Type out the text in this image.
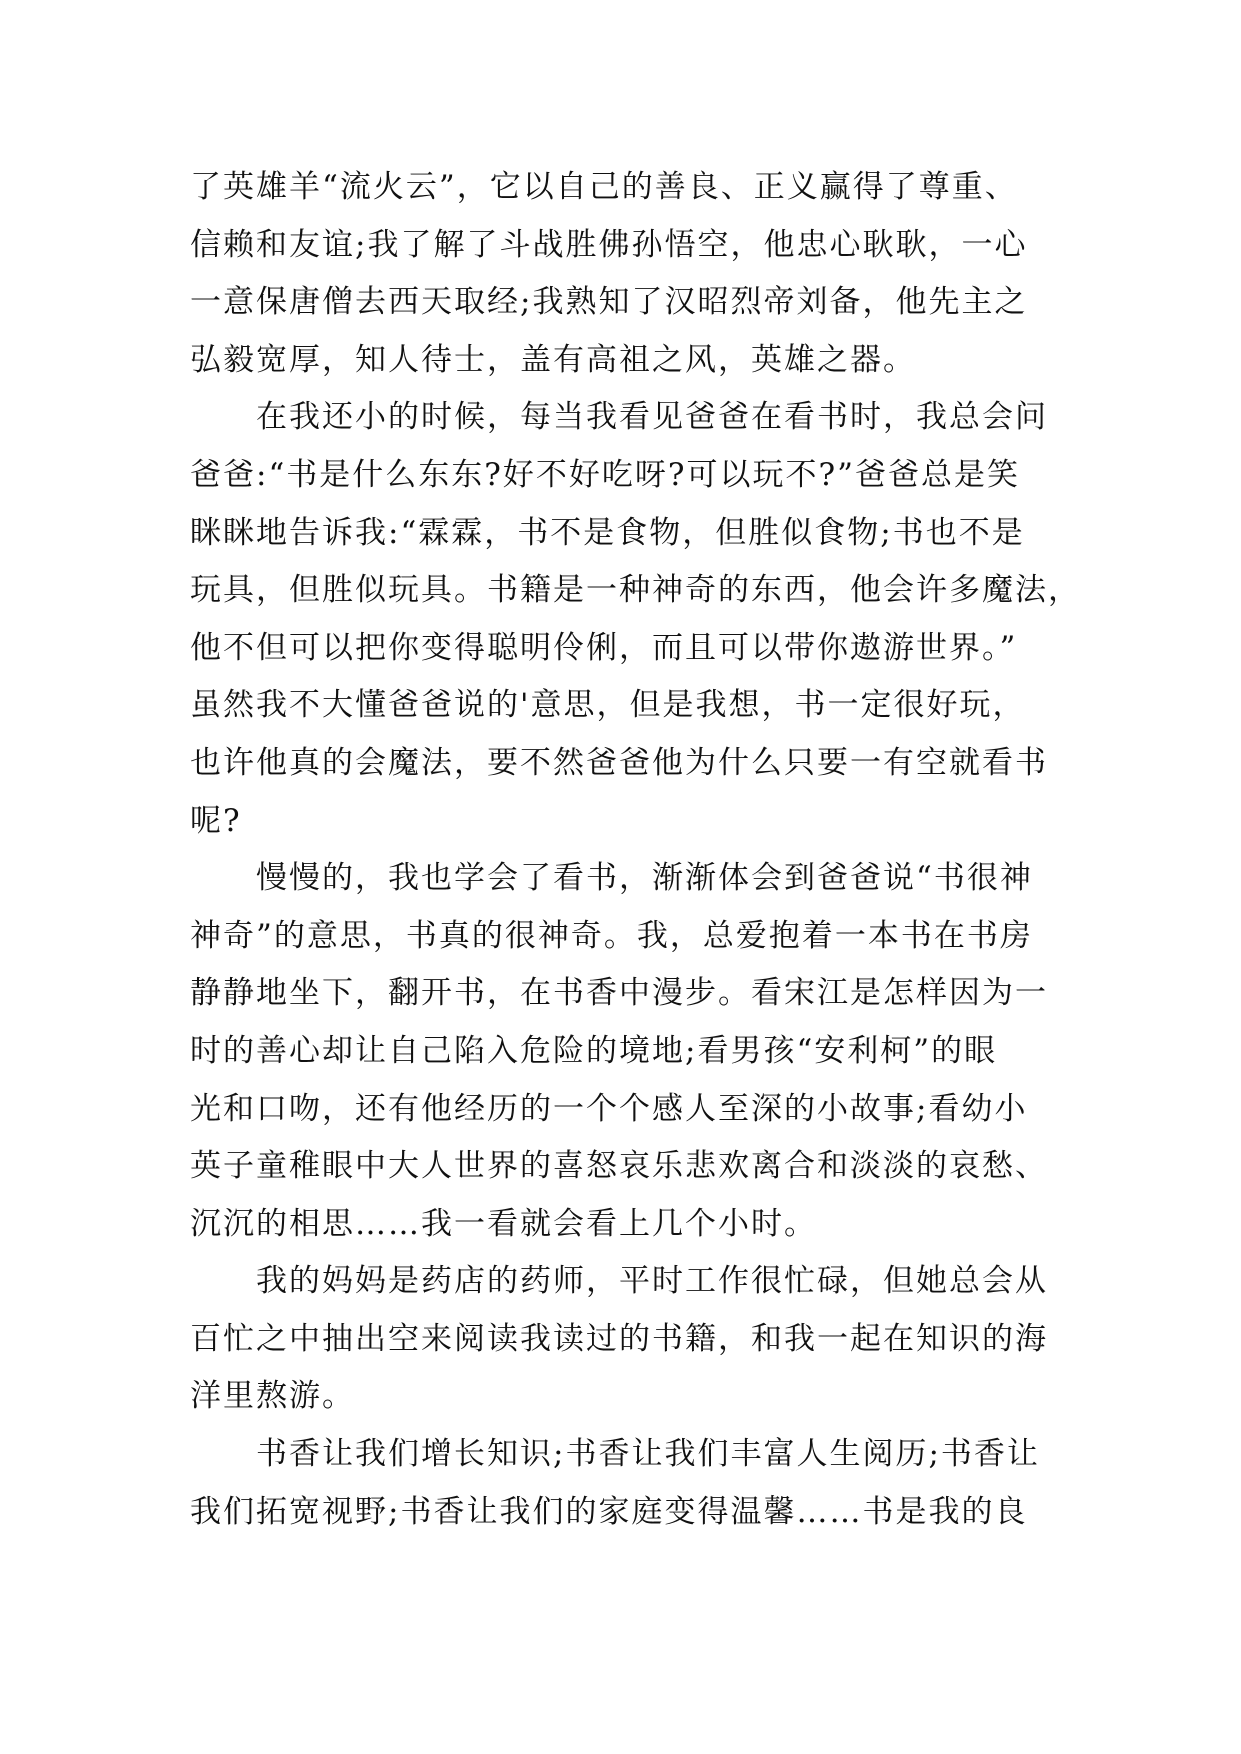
了英雄羊“流火云”，它以自己的善良、正义赢得了尊重、
信赖和友谊;我了解了斗战胜佛孙悟空，他忠心耿耿，一心
一意保唐僧去西天取经;我熟知了汉昭烈帝刘备，他先主之
弘毅宽厚，知人待士，盖有高祖之风，英雄之器。
在我还小的时候，每当我看见爸爸在看书时，我总会问
爸爸:“书是什么东东?好不好吃呀?可以玩不?”爸爸总是笑
眯眯地告诉我:“霖霖，书不是食物，但胜似食物;书也不是
玩具，但胜似玩具。书籍是一种神奇的东西，他会许多魔法，
他不但可以把你变得聪明伶俐，而且可以带你遨游世界。”
虽然我不大懂爸爸说的'意思，但是我想，书一定很好玩，
也许他真的会魔法，要不然爸爸他为什么只要一有空就看书
呢?
慢慢的，我也学会了看书，渐渐体会到爸爸说“书很神
神奇”的意思，书真的很神奇。我，总爱抱着一本书在书房
静静地坐下，翻开书，在书香中漫步。看宋江是怎样因为一
时的善心却让自己陷入危险的境地;看男孩“安利柯”的眼
光和口吻，还有他经历的一个个感人至深的小故事;看幼小
英子童稚眼中大人世界的喜怒哀乐悲欢离合和淡淡的哀愁、
沉沉的相思……我一看就会看上几个小时。
我的妈妈是药店的药师，平时工作很忙碌，但她总会从
百忙之中抽出空来阅读我读过的书籍，和我一起在知识的海
洋里熬游。
书香让我们增长知识;书香让我们丰富人生阅历;书香让
我们拓宽视野;书香让我们的家庭变得温馨……书是我的良
